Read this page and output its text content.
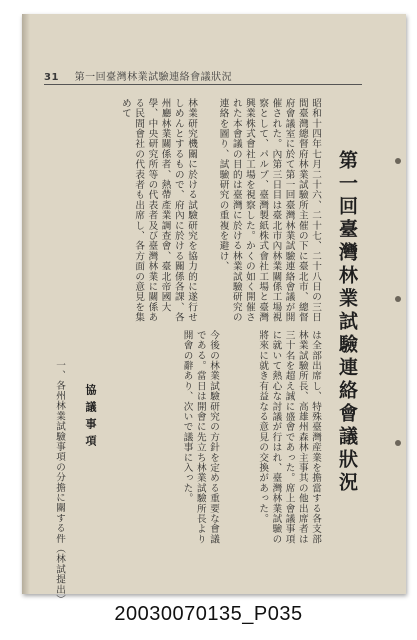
31 第一回臺灣林業試驗連絡會議狀況
第一回臺灣林業試驗連絡會議狀況
昭和十四年七月二十六、二十七、二十八日の三日間臺灣總督府林業試驗所主催の下に臺北市、總督府會議室に於て第一回臺灣林業試驗連絡會議が開催された。內第三日目は臺北市內林業關係工場視察として、パルプ、臺灣製紙株式會社工場と臺灣興業株式會社工場を視察した。かくの如く開催された本會議の目的は臺灣に於ける林業試驗研究の連絡を圖り、試驗研究の重複を避け、
は全部出席し、特殊臺灣産業を擔當する各支部林業試驗所長、高雄州森林主事其の他出席者は三十名を超え誠に盛會であった。席上會議事項に就いて熱心な討議が行はれ、臺灣林業試驗の將來に就き有益なる意見の交換があった。
林業研究機關に於ける試驗研究を協力的に遂行せしめんとするもので、府內に於ける關係各課、各州廳林業關係者、熱帶產業調查會、臺北帝國大學、中央研究所等の代表者及び臺灣林業に關係ある民間會社の代表者も出席し、各方面の意見を集めて
今後の林業試驗研究の方針を定める重要な會議である。當日は開會に先立ち林業試驗所長より開會の辭あり、次いで議事に入った。
協議事項
一、各州林業試驗事項の分擔に關する件（林試提出）
20030070135_P035
